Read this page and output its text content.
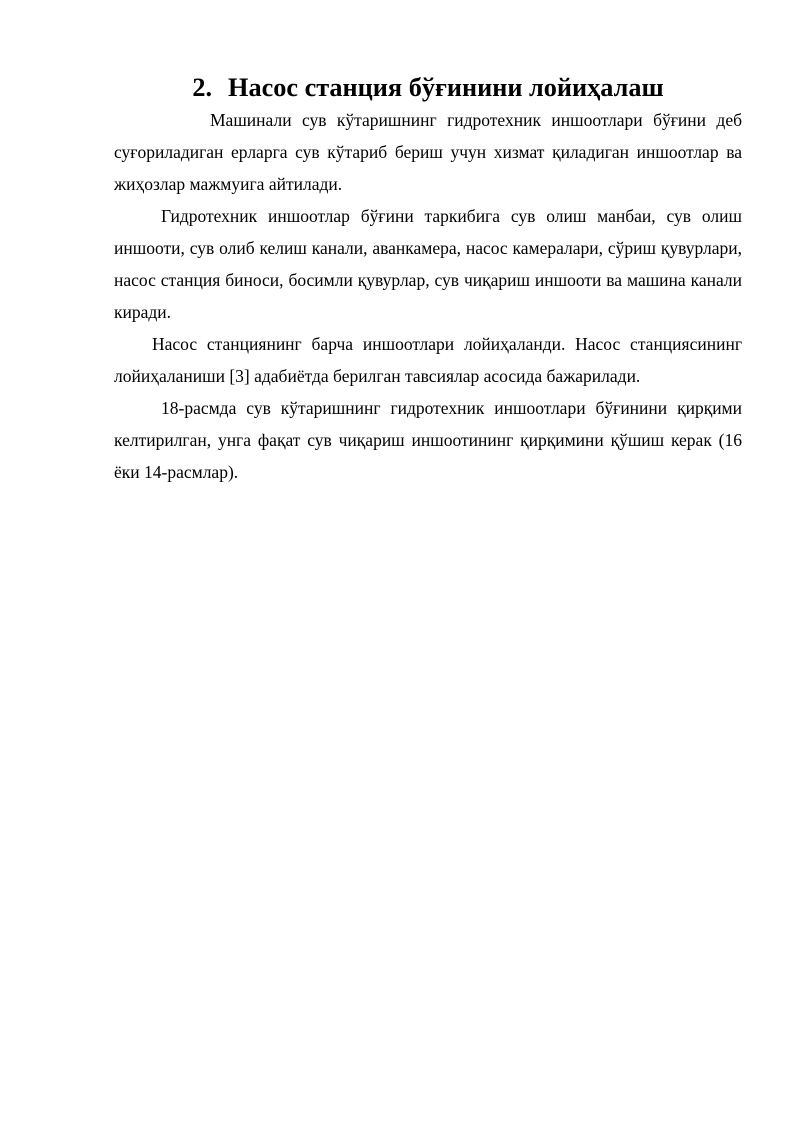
2. Насос станция бўғинини лойиҳалаш

Машинали сув кўтаришнинг гидротехник иншоотлари бўғини деб суғориладиган ерларга сув кўтариб бериш учун хизмат қиладиган иншоотлар ва жиҳозлар мажмуига айтилади.

Гидротехник иншоотлар бўғини таркибига сув олиш манбаи, сув олиш иншооти, сув олиб келиш канали, аванкамера, насос камералари, сўриш қувурлари, насос станция биноси, босимли қувурлар, сув чиқариш иншооти ва машина канали киради.

Насос станциянинг барча иншоотлари лойиҳаланди. Насос станциясининг лойиҳаланиши [3] адабиётда берилган тавсиялар асосида бажарилади.

18-расмда сув кўтаришнинг гидротехник иншоотлари бўғинини қирқими келтирилган, унга фақат сув чиқариш иншоотининг қирқимини қўшиш керак (16 ёки 14-расмлар).
